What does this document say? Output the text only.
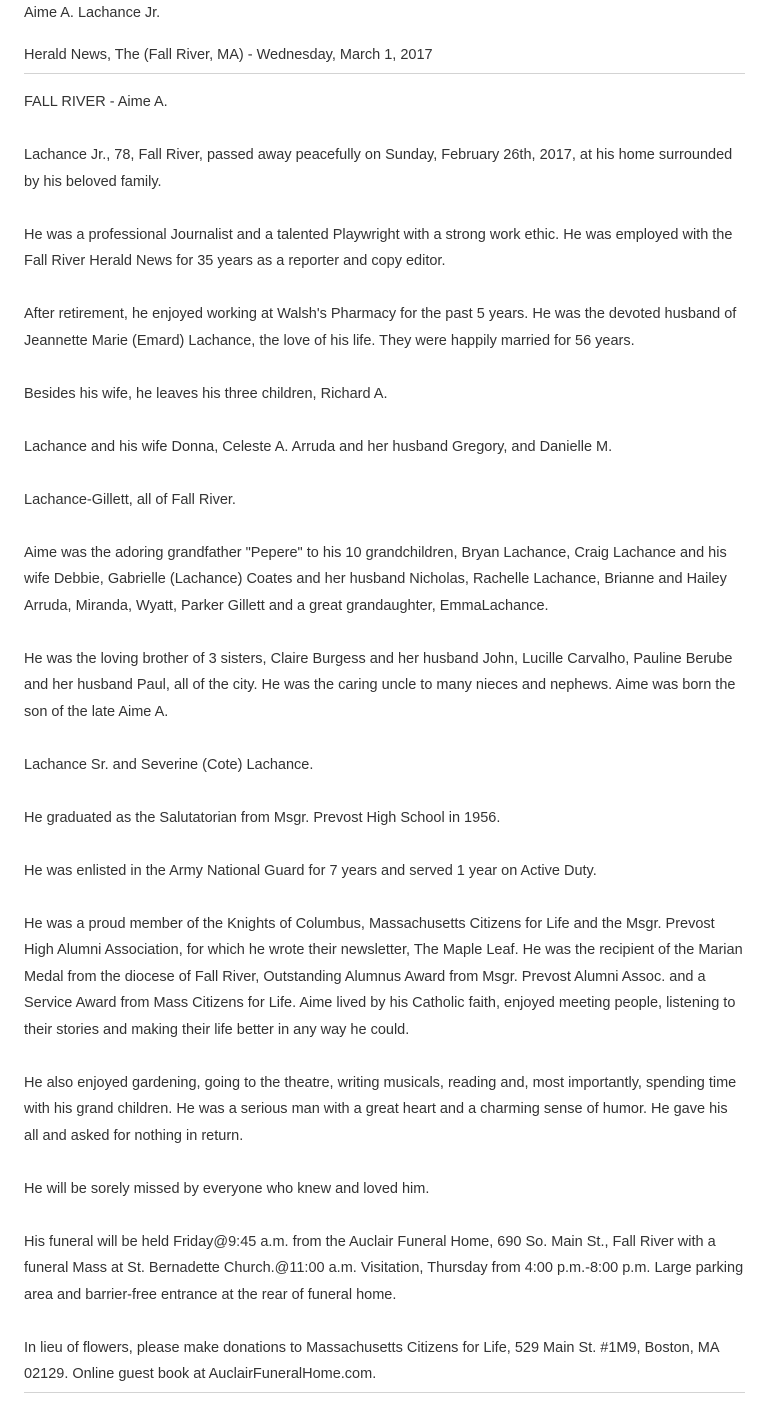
Aime A. Lachance Jr.
Herald News, The (Fall River, MA) - Wednesday, March 1, 2017

FALL RIVER - Aime A.

Lachance Jr., 78, Fall River, passed away peacefully on Sunday, February 26th, 2017, at his home surrounded by his beloved family.

He was a professional Journalist and a talented Playwright with a strong work ethic. He was employed with the Fall River Herald News for 35 years as a reporter and copy editor.

After retirement, he enjoyed working at Walsh's Pharmacy for the past 5 years. He was the devoted husband of Jeannette Marie (Emard) Lachance, the love of his life. They were happily married for 56 years.

Besides his wife, he leaves his three children, Richard A.

Lachance and his wife Donna, Celeste A. Arruda and her husband Gregory, and Danielle M.

Lachance-Gillett, all of Fall River.

Aime was the adoring grandfather "Pepere" to his 10 grandchildren, Bryan Lachance, Craig Lachance and his wife Debbie, Gabrielle (Lachance) Coates and her husband Nicholas, Rachelle Lachance, Brianne and Hailey Arruda, Miranda, Wyatt, Parker Gillett and a great grandaughter, EmmaLachance.

He was the loving brother of 3 sisters, Claire Burgess and her husband John, Lucille Carvalho, Pauline Berube and her husband Paul, all of the city. He was the caring uncle to many nieces and nephews. Aime was born the son of the late Aime A.

Lachance Sr. and Severine (Cote) Lachance.

He graduated as the Salutatorian from Msgr. Prevost High School in 1956.

He was enlisted in the Army National Guard for 7 years and served 1 year on Active Duty.

He was a proud member of the Knights of Columbus, Massachusetts Citizens for Life and the Msgr. Prevost High Alumni Association, for which he wrote their newsletter, The Maple Leaf. He was the recipient of the Marian Medal from the diocese of Fall River, Outstanding Alumnus Award from Msgr. Prevost Alumni Assoc. and a Service Award from Mass Citizens for Life. Aime lived by his Catholic faith, enjoyed meeting people, listening to their stories and making their life better in any way he could.

He also enjoyed gardening, going to the theatre, writing musicals, reading and, most importantly, spending time with his grand children. He was a serious man with a great heart and a charming sense of humor. He gave his all and asked for nothing in return.

He will be sorely missed by everyone who knew and loved him.

His funeral will be held Friday@9:45 a.m. from the Auclair Funeral Home, 690 So. Main St., Fall River with a funeral Mass at St. Bernadette Church.@11:00 a.m. Visitation, Thursday from 4:00 p.m.-8:00 p.m. Large parking area and barrier-free entrance at the rear of funeral home.

In lieu of flowers, please make donations to Massachusetts Citizens for Life, 529 Main St. #1M9, Boston, MA 02129. Online guest book at AuclairFuneralHome.com.
